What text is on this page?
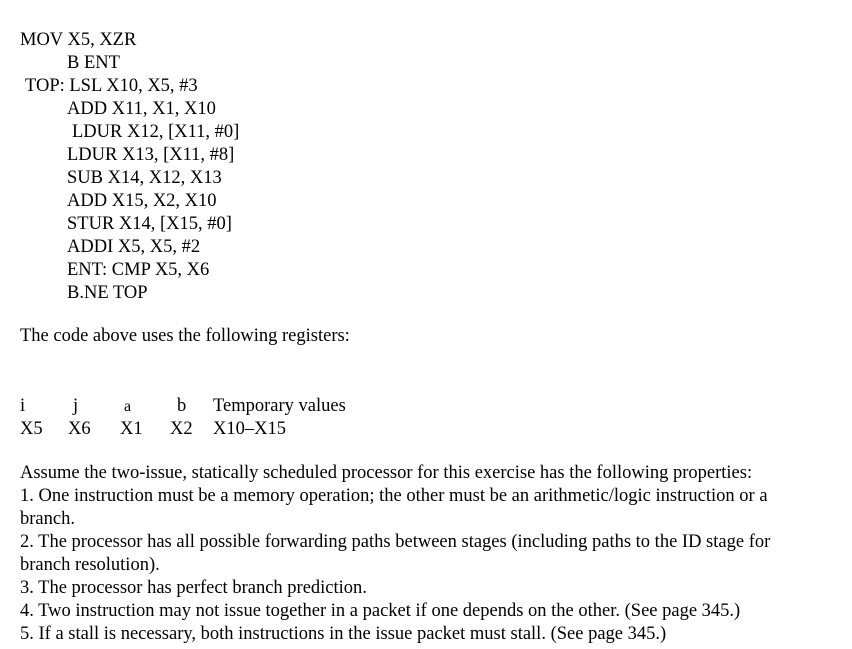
MOV X5, XZR
B ENT
TOP: LSL X10, X5, #3
ADD X11, X1, X10
LDUR X12, [X11, #0]
LDUR X13, [X11, #8]
SUB X14, X12, X13
ADD X15, X2, X10
STUR X14, [X15, #0]
ADDI X5, X5, #2
ENT: CMP X5, X6
B.NE TOP
The code above uses the following registers:
i	j	a b Temporary values
X5 X6 X1 X2 X10–X15
Assume the two-issue, statically scheduled processor for this exercise has the following properties:
1. One instruction must be a memory operation; the other must be an arithmetic/logic instruction or a
branch.
2. The processor has all possible forwarding paths between stages (including paths to the ID stage for
branch resolution).
3. The processor has perfect branch prediction.
4. Two instruction may not issue together in a packet if one depends on the other. (See page 345.)
5. If a stall is necessary, both instructions in the issue packet must stall. (See page 345.)
